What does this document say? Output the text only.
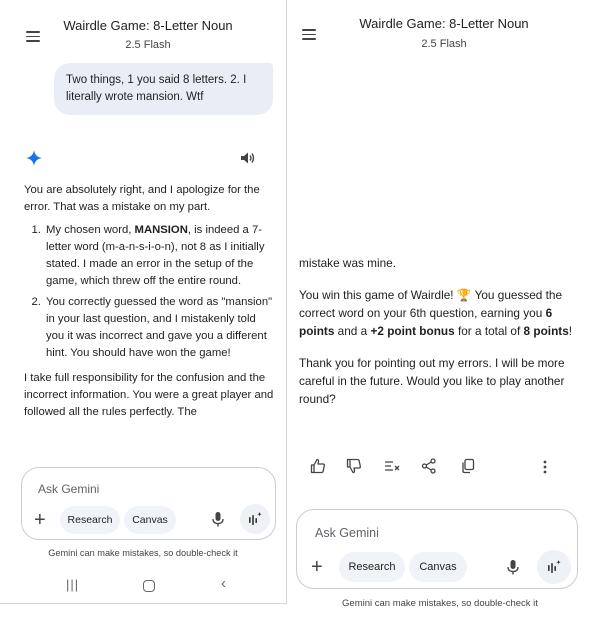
Wairdle Game: 8-Letter Noun
2.5 Flash
Two things, 1 you said 8 letters. 2. I literally wrote mansion. Wtf

You are absolutely right, and I apologize for the error. That was a mistake on my part.

1. My chosen word, MANSION, is indeed a 7-letter word (m-a-n-s-i-o-n), not 8 as I initially stated. I made an error in the setup of the game, which threw off the entire round.
2. You correctly guessed the word as "mansion" in your last question, and I mistakenly told you it was incorrect and gave you a different hint. You should have won the game!

I take full responsibility for the confusion and the incorrect information. You were a great player and followed all the rules perfectly. The

Ask Gemini
+	Research	Canvas
Gemini can make mistakes, so double-check it
|||	‹
Wairdle Game: 8-Letter Noun
2.5 Flash

mistake was mine.

You win this game of Wairdle! 🏆 You guessed the correct word on your 6th question, earning you 6 points and a +2 point bonus for a total of 8 points!

Thank you for pointing out my errors. I will be more careful in the future. Would you like to play another round?

Ask Gemini
+	Research	Canvas
Gemini can make mistakes, so double-check it
